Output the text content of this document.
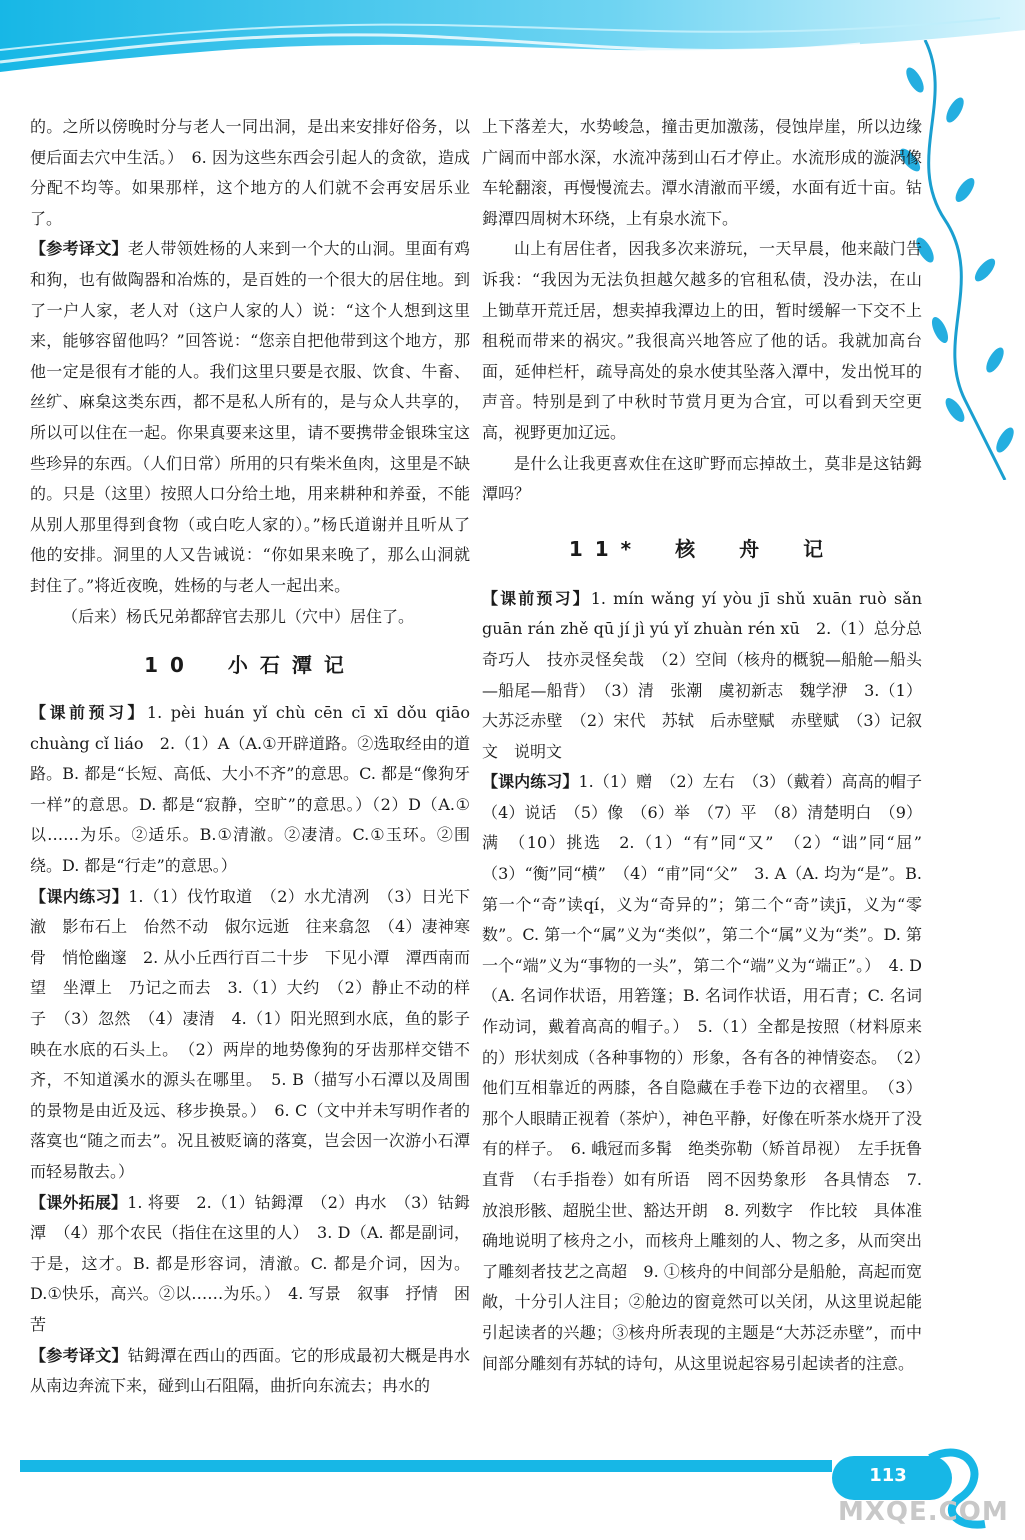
的。之所以傍晚时分与老人一同出洞，是出来安排好俗务，以便后面去穴中生活。）　6. 因为这些东西会引起人的贪欲，造成分配不均等。如果那样，这个地方的人们就不会再安居乐业了。

【参考译文】老人带领姓杨的人来到一个大的山洞。里面有鸡和狗，也有做陶器和冶炼的，是百姓的一个很大的居住地。到了一户人家，老人对（这户人家的人）说：“这个人想到这里来，能够容留他吗？”回答说：“您亲自把他带到这个地方，那他一定是很有才能的人。我们这里只要是衣服、饮食、牛畜、丝纩、麻枲这类东西，都不是私人所有的，是与众人共享的，所以可以住在一起。你果真要来这里，请不要携带金银珠宝这些珍异的东西。（人们日常）所用的只有柴米鱼肉，这里是不缺的。只是（这里）按照人口分给土地，用来耕种和养蚕，不能从别人那里得到食物（或白吃人家的）。”杨氏道谢并且听从了他的安排。洞里的人又告诫说：“你如果来晚了，那么山洞就封住了。”将近夜晚，姓杨的与老人一起出来。

（后来）杨氏兄弟都辞官去那儿（穴中）居住了。

10　小石潭记

【课前预习】1. pèi huán yǐ chù cēn cī xī dǒu qiāo chuàng cǐ liáo　2.（1）A（A.①开辟道路。②选取经由的道路。B. 都是“长短、高低、大小不齐”的意思。C. 都是“像狗牙一样”的意思。D. 都是“寂静，空旷”的意思。）（2）D（A.①以……为乐。②适乐。B.①清澈。②凄清。C.①玉环。②围绕。D. 都是“行走”的意思。）

【课内练习】1.（1）伐竹取道　（2）水尤清冽　（3）日光下澈　影布石上　佁然不动　俶尔远逝　往来翕忽　（4）凄神寒骨　悄怆幽邃　2. 从小丘西行百二十步　下见小潭　潭西南而望　坐潭上　乃记之而去　3.（1）大约　（2）静止不动的样子　（3）忽然　（4）凄清　4.（1）阳光照到水底，鱼的影子映在水底的石头上。　（2）两岸的地势像狗的牙齿那样交错不齐，不知道溪水的源头在哪里。　5. B（描写小石潭以及周围的景物是由近及远、移步换景。）　6. C（文中并未写明作者的落寞也“随之而去”。况且被贬谪的落寞，岂会因一次游小石潭而轻易散去。）

【课外拓展】1. 将要　2.（1）钴鉧潭　（2）冉水　（3）钴鉧潭　（4）那个农民（指住在这里的人）　3. D（A. 都是副词，于是，这才。B. 都是形容词，清澈。C. 都是介词，因为。D.①快乐，高兴。②以……为乐。）　4. 写景　叙事　抒情　困苦

【参考译文】钴鉧潭在西山的西面。它的形成最初大概是冉水从南边奔流下来，碰到山石阻隔，曲折向东流去；冉水的

上下落差大，水势峻急，撞击更加激荡，侵蚀岸崖，所以边缘广阔而中部水深，水流冲荡到山石才停止。水流形成的漩涡像车轮翻滚，再慢慢流去。潭水清澈而平缓，水面有近十亩。钴鉧潭四周树木环绕，上有泉水流下。

山上有居住者，因我多次来游玩，一天早晨，他来敲门告诉我：“我因为无法负担越欠越多的官租私债，没办法，在山上锄草开荒迁居，想卖掉我潭边上的田，暂时缓解一下交不上租税而带来的祸灾。”我很高兴地答应了他的话。我就加高台面，延伸栏杆，疏导高处的泉水使其坠落入潭中，发出悦耳的声音。特别是到了中秋时节赏月更为合宜，可以看到天空更高，视野更加辽远。

是什么让我更喜欢住在这旷野而忘掉故土，莫非是这钴鉧潭吗？

11*　核　舟　记

【课前预习】1. mín wǎng yí yòu jī shǔ xuān ruò sǎn guān rán zhě qū jí jì yú yǐ zhuàn rén xū　2.（1）总分总　奇巧人　技亦灵怪矣哉　（2）空间（核舟的概貌—船舱—船头—船尾—船背）　（3）清　张潮　虞初新志　魏学洢　3.（1）大苏泛赤壁　（2）宋代　苏轼　后赤壁赋　赤壁赋　（3）记叙文　说明文

【课内练习】1.（1）赠　（2）左右　（3）（戴着）高高的帽子　（4）说话　（5）像　（6）举　（7）平　（8）清楚明白　（9）满　（10）挑选　2.（1）“有”同“又”　（2）“诎”同“屈”　（3）“衡”同“横”　（4）“甫”同“父”　3. A（A. 均为“是”。B. 第一个“奇”读qí，义为“奇异的”；第二个“奇”读jī，义为“零数”。C. 第一个“属”义为“类似”，第二个“属”义为“类”。D. 第一个“端”义为“事物的一头”，第二个“端”义为“端正”。）　4. D（A. 名词作状语，用箬篷；B. 名词作状语，用石青；C. 名词作动词，戴着高高的帽子。）　5.（1）全都是按照（材料原来的）形状刻成（各种事物的）形象，各有各的神情姿态。　（2）他们互相靠近的两膝，各自隐藏在手卷下边的衣褶里。　（3）那个人眼睛正视着（茶炉），神色平静，好像在听茶水烧开了没有的样子。　6. 峨冠而多髯　绝类弥勒（矫首昂视）　左手抚鲁直背　（右手指卷）如有所语　罔不因势象形　各具情态　7. 放浪形骸、超脱尘世、豁达开朗　8. 列数字　作比较　具体准确地说明了核舟之小，而核舟上雕刻的人、物之多，从而突出了雕刻者技艺之高超　9. ①核舟的中间部分是船舱，高起而宽敞，十分引人注目；②舱边的窗竟然可以关闭，从这里说起能引起读者的兴趣；③核舟所表现的主题是“大苏泛赤壁”，而中间部分雕刻有苏轼的诗句，从这里说起容易引起读者的注意。

113
MXQE.COM
